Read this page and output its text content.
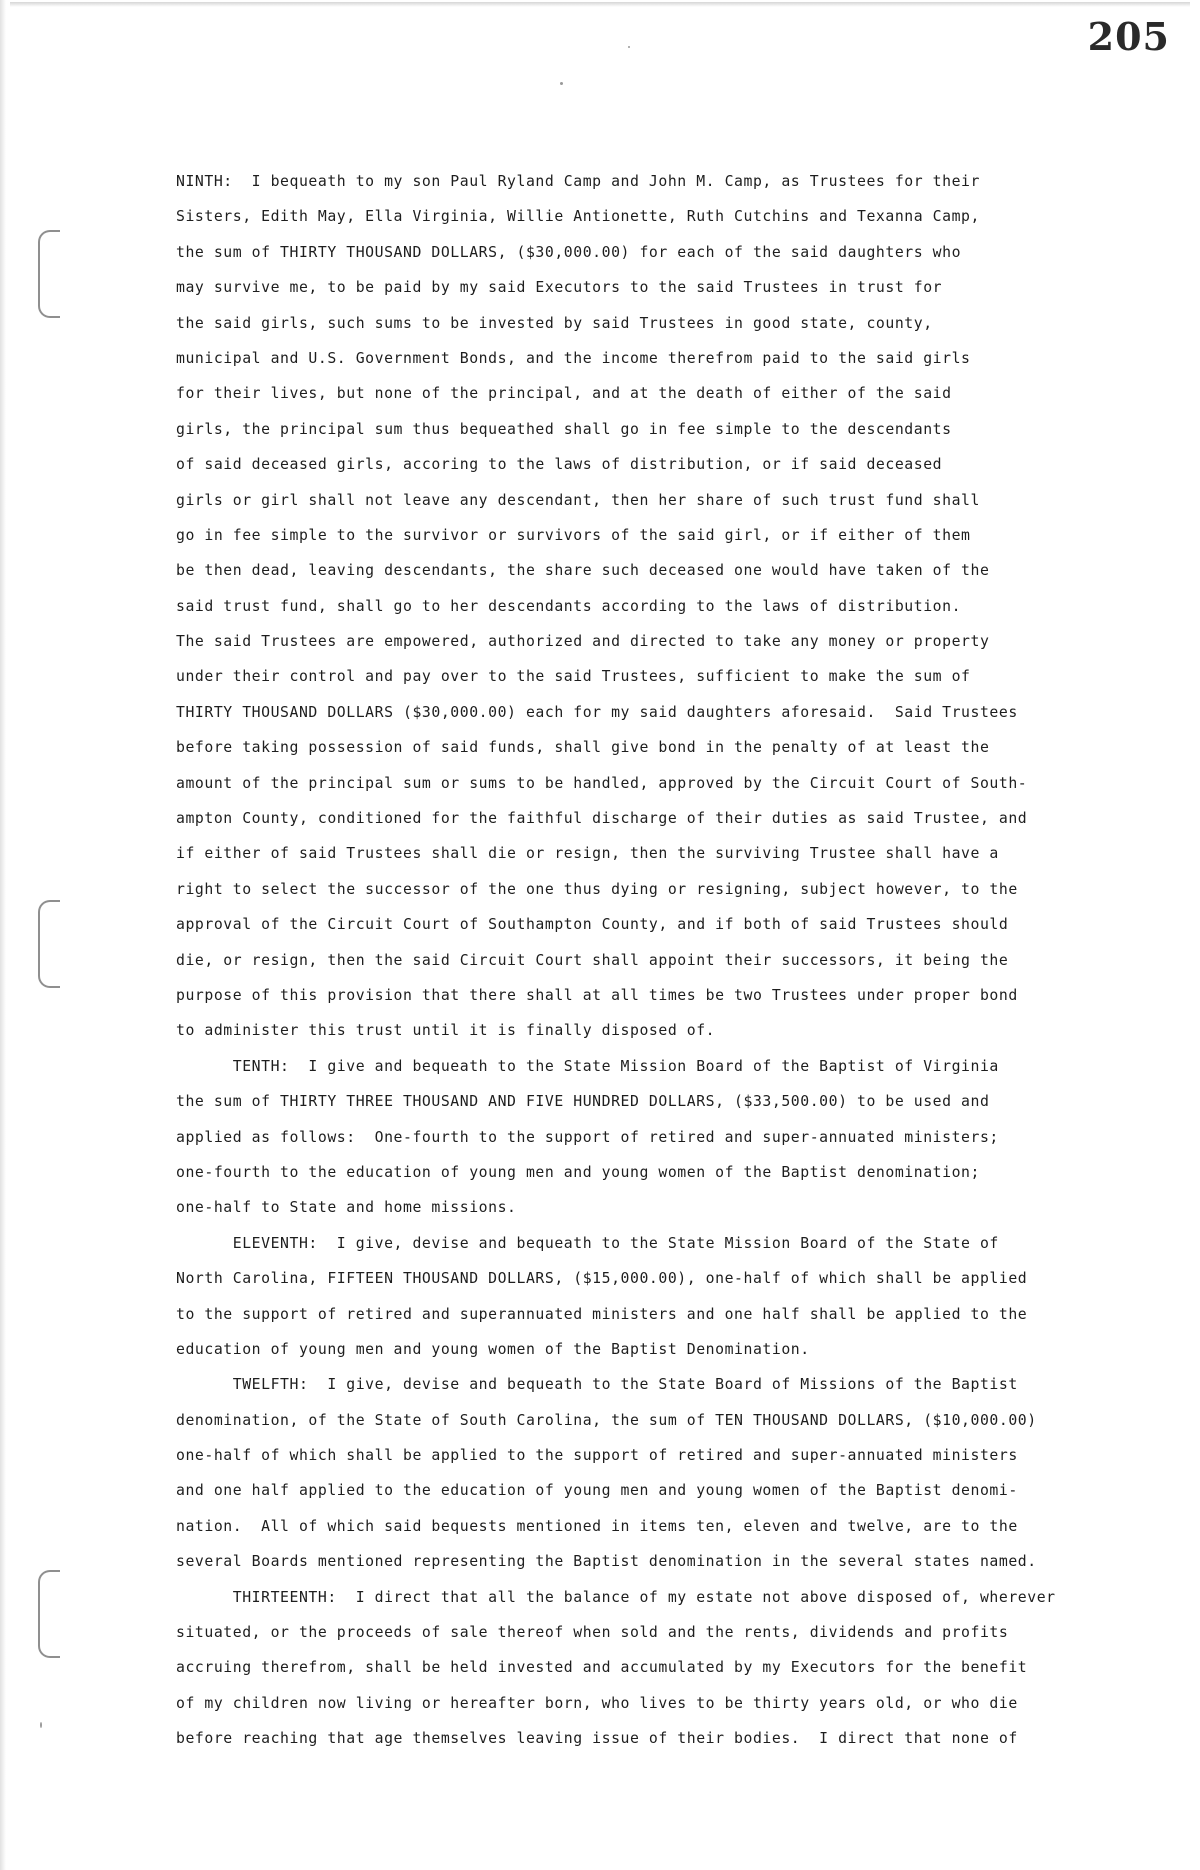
205
NINTH:  I bequeath to my son Paul Ryland Camp and John M. Camp, as Trustees for their
Sisters, Edith May, Ella Virginia, Willie Antionette, Ruth Cutchins and Texanna Camp,
the sum of THIRTY THOUSAND DOLLARS, ($30,000.00) for each of the said daughters who
may survive me, to be paid by my said Executors to the said Trustees in trust for
the said girls, such sums to be invested by said Trustees in good state, county,
municipal and U.S. Government Bonds, and the income therefrom paid to the said girls
for their lives, but none of the principal, and at the death of either of the said
girls, the principal sum thus bequeathed shall go in fee simple to the descendants
of said deceased girls, accoring to the laws of distribution, or if said deceased
girls or girl shall not leave any descendant, then her share of such trust fund shall
go in fee simple to the survivor or survivors of the said girl, or if either of them
be then dead, leaving descendants, the share such deceased one would have taken of the
said trust fund, shall go to her descendants according to the laws of distribution.
The said Trustees are empowered, authorized and directed to take any money or property
under their control and pay over to the said Trustees, sufficient to make the sum of
THIRTY THOUSAND DOLLARS ($30,000.00) each for my said daughters aforesaid.  Said Trustees
before taking possession of said funds, shall give bond in the penalty of at least the
amount of the principal sum or sums to be handled, approved by the Circuit Court of South-
ampton County, conditioned for the faithful discharge of their duties as said Trustee, and
if either of said Trustees shall die or resign, then the surviving Trustee shall have a
right to select the successor of the one thus dying or resigning, subject however, to the
approval of the Circuit Court of Southampton County, and if both of said Trustees should
die, or resign, then the said Circuit Court shall appoint their successors, it being the
purpose of this provision that there shall at all times be two Trustees under proper bond
to administer this trust until it is finally disposed of.
TENTH:  I give and bequeath to the State Mission Board of the Baptist of Virginia
the sum of THIRTY THREE THOUSAND AND FIVE HUNDRED DOLLARS, ($33,500.00) to be used and
applied as follows:  One-fourth to the support of retired and super-annuated ministers;
one-fourth to the education of young men and young women of the Baptist denomination;
one-half to State and home missions.
ELEVENTH:  I give, devise and bequeath to the State Mission Board of the State of
North Carolina, FIFTEEN THOUSAND DOLLARS, ($15,000.00), one-half of which shall be applied
to the support of retired and superannuated ministers and one half shall be applied to the
education of young men and young women of the Baptist Denomination.
TWELFTH:  I give, devise and bequeath to the State Board of Missions of the Baptist
denomination, of the State of South Carolina, the sum of TEN THOUSAND DOLLARS, ($10,000.00)
one-half of which shall be applied to the support of retired and super-annuated ministers
and one half applied to the education of young men and young women of the Baptist denomi-
nation.  All of which said bequests mentioned in items ten, eleven and twelve, are to the
several Boards mentioned representing the Baptist denomination in the several states named.
THIRTEENTH:  I direct that all the balance of my estate not above disposed of, wherever
situated, or the proceeds of sale thereof when sold and the rents, dividends and profits
accruing therefrom, shall be held invested and accumulated by my Executors for the benefit
of my children now living or hereafter born, who lives to be thirty years old, or who die
before reaching that age themselves leaving issue of their bodies.  I direct that none of
